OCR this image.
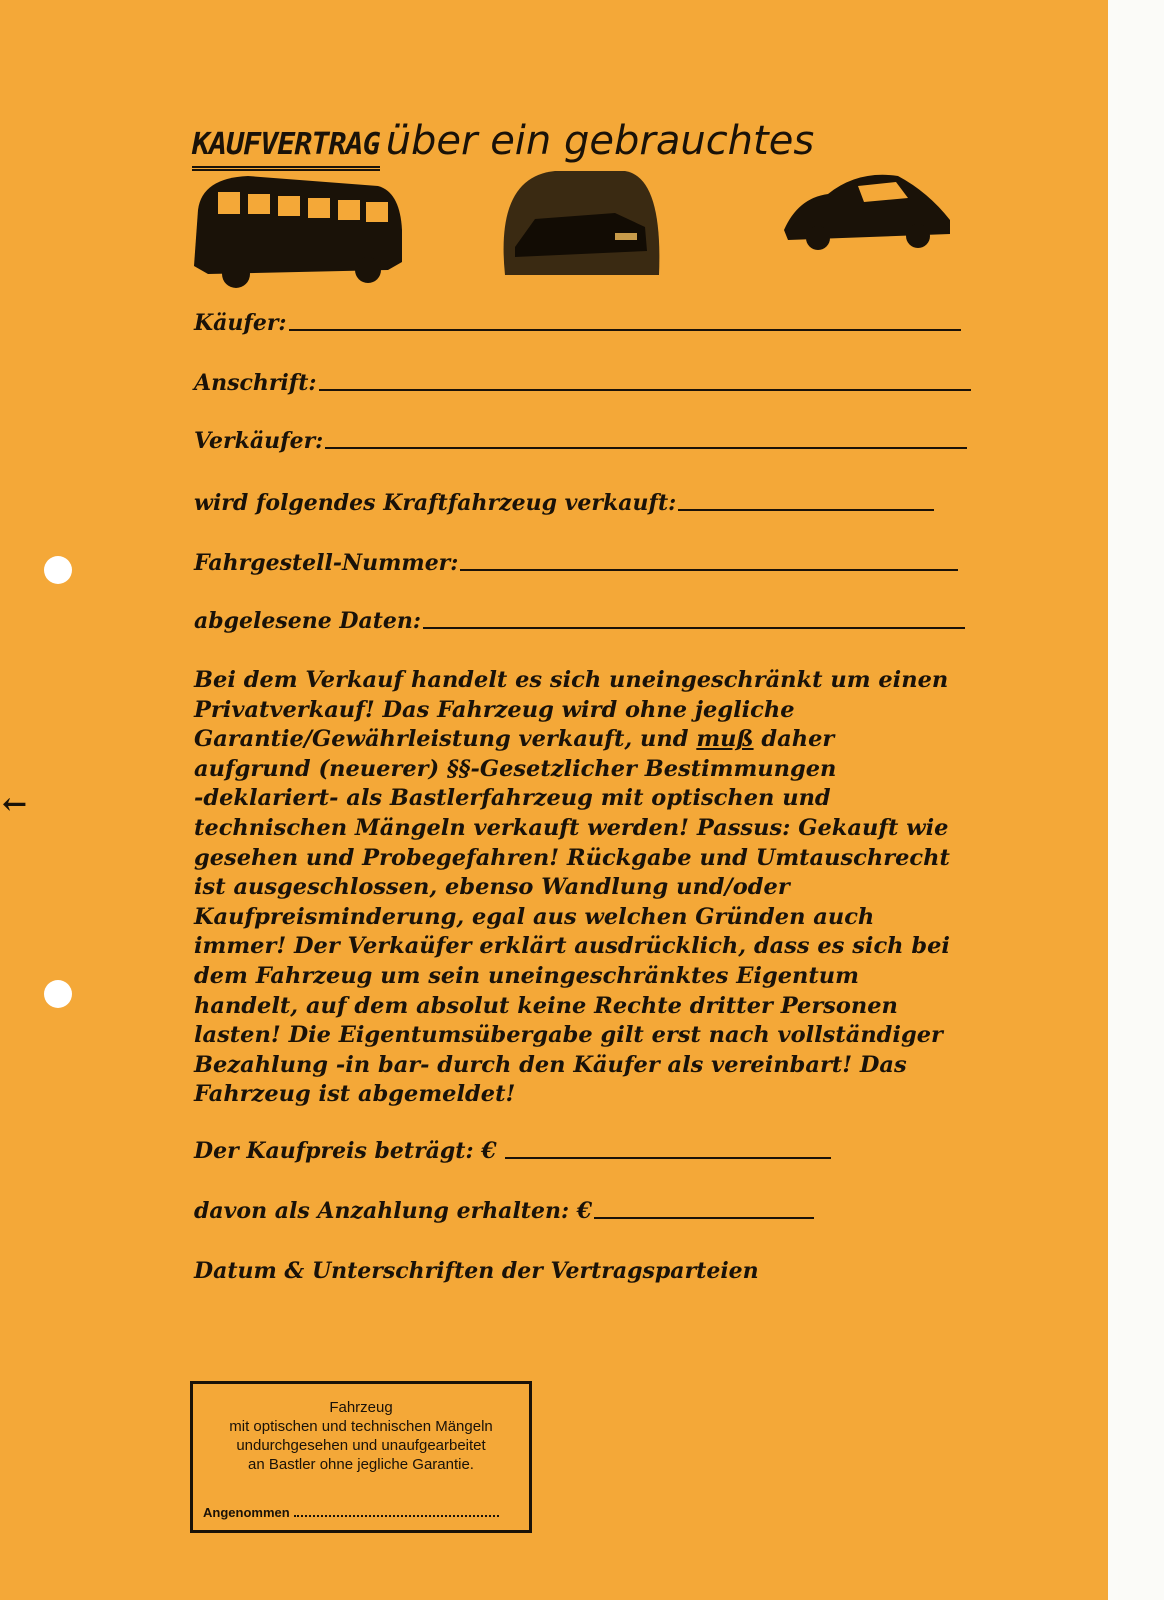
←
KAUFVERTRAG über ein gebrauchtes
Käufer:
Anschrift:
Verkäufer:
wird folgendes Kraftfahrzeug verkauft:
Fahrgestell-Nummer:
abgelesene Daten:
Bei dem Verkauf handelt es sich uneingeschränkt um einen
Privatverkauf! Das Fahrzeug wird ohne jegliche
Garantie/Gewährleistung verkauft, und muß daher
aufgrund (neuerer) §§-Gesetzlicher Bestimmungen
-deklariert- als Bastlerfahrzeug mit optischen und
technischen Mängeln verkauft werden! Passus: Gekauft wie
gesehen und Probegefahren! Rückgabe und Umtauschrecht
ist ausgeschlossen, ebenso Wandlung und/oder
Kaufpreisminderung, egal aus welchen Gründen auch
immer! Der Verkaüfer erklärt ausdrücklich, dass es sich bei
dem Fahrzeug um sein uneingeschränktes Eigentum
handelt, auf dem absolut keine Rechte dritter Personen
lasten! Die Eigentumsübergabe gilt erst nach vollständiger
Bezahlung -in bar- durch den Käufer als vereinbart! Das
Fahrzeug ist abgemeldet!
Der Kaufpreis beträgt: €
davon als Anzahlung erhalten: €
Datum & Unterschriften der Vertragsparteien
Fahrzeug
mit optischen und technischen Mängeln
undurchgesehen und unaufgearbeitet
an Bastler ohne jegliche Garantie.
Angenommen
